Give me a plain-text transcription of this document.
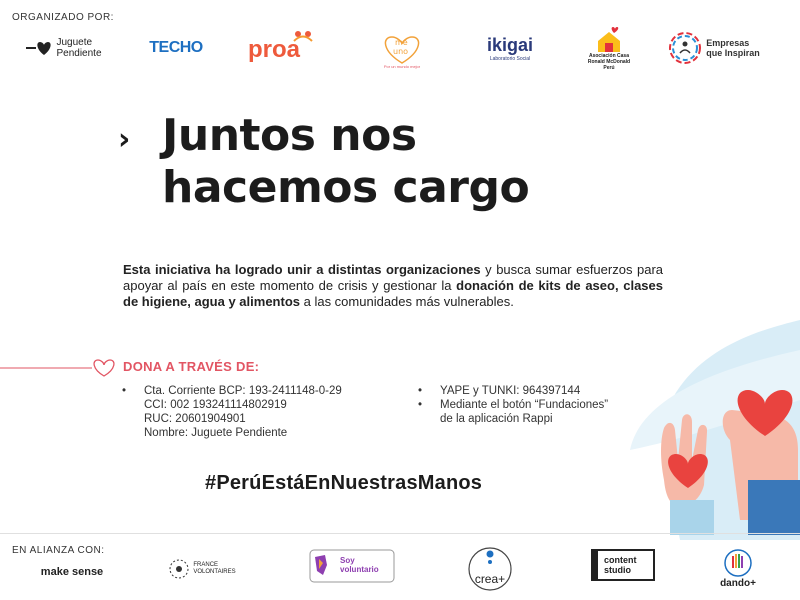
ORGANIZADO POR:
Juguete
Pendiente	TECHO	proa	me
uno
Por un mundo mejor
ikigai
Laboratorio Social	Asociación Casa
Ronald McDonald
Perú
Empresas
que Inspiran
› Juntos nos
hacemos cargo
Esta iniciativa ha logrado unir a distintas organizaciones y busca sumar esfuerzos para apoyar al país en este momento de crisis y gestionar la donación de kits de aseo, clases de higiene, agua y alimentos a las comunidades más vulnerables.
DONA A TRAVÉS DE:
• Cta. Corriente BCP: 193-2411148-0-29
CCI: 002 193241114802919
RUC: 20601904901
Nombre: Juguete Pendiente
• YAPE y TUNKI: 964397144
• Mediante el botón “Fundaciones”
de la aplicación Rappi
#PerúEstáEnNuestrasManos
EN ALIANZA CON:
make sense
FRANCE
VOLONTAIRES
Soy
voluntario
crea+
content
studio
dando+
